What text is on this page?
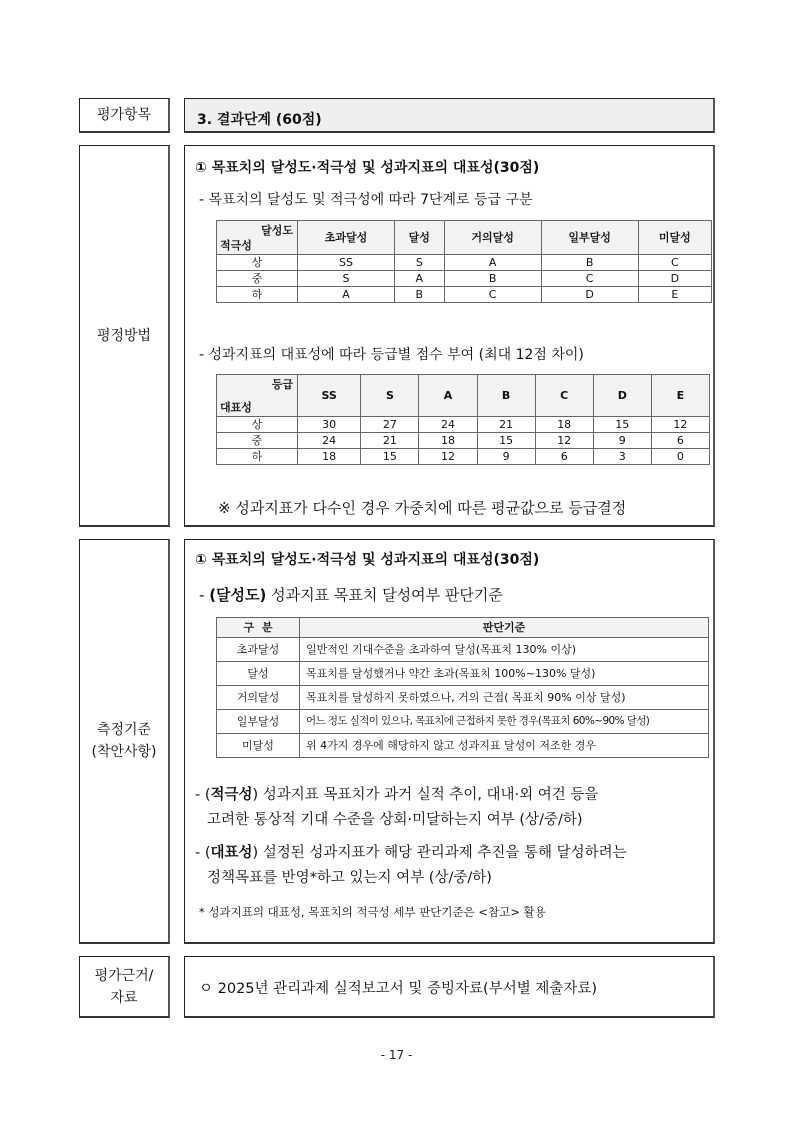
평가항목	3. 결과단계 (60점)
평정방법
① 목표치의 달성도·적극성 및 성과지표의 대표성(30점)
- 목표치의 달성도 및 적극성에 따라 7단계로 등급 구분
달성도
적극성	초과달성	달성	거의달성	일부달성	미달성
상	SS	S	A	B	C
중	S	A	B	C	D
하	A	B	C	D	E
- 성과지표의 대표성에 따라 등급별 점수 부여 (최대 12점 차이)
등급
대표성	SS	S	A	B	C	D	E
상	30	27	24	21	18	15	12
중	24	21	18	15	12	9	6
하	18	15	12	9	6	3	0
※ 성과지표가 다수인 경우 가중치에 따른 평균값으로 등급결정
측정기준
(착안사항)
① 목표치의 달성도·적극성 및 성과지표의 대표성(30점)
- (달성도) 성과지표 목표치 달성여부 판단기준
구  분	판단기준
초과달성	일반적인 기대수준을 초과하여 달성(목표치 130% 이상)
달성	목표치를 달성했거나 약간 초과(목표치 100%~130% 달성)
거의달성	목표치를 달성하지 못하였으나, 거의 근접( 목표치 90% 이상 달성)
일부달성	어느 정도 실적이 있으나, 목표치에 근접하지 못한 경우(목표치 60%~90% 달성)
미달성	위 4가지 경우에 해당하지 않고 성과지표 달성이 저조한 경우
- (적극성) 성과지표 목표치가 과거 실적 추이, 대내·외 여건 등을
고려한 통상적 기대 수준을 상회·미달하는지 여부 (상/중/하)
- (대표성) 설정된 성과지표가 해당 관리과제 추진을 통해 달성하려는
정책목표를 반영*하고 있는지 여부 (상/중/하)
* 성과지표의 대표성, 목표치의 적극성 세부 판단기준은 <참고> 활용
평가근거/
자료
ㅇ 2025년 관리과제 실적보고서 및 증빙자료(부서별 제출자료)
- 17 -
